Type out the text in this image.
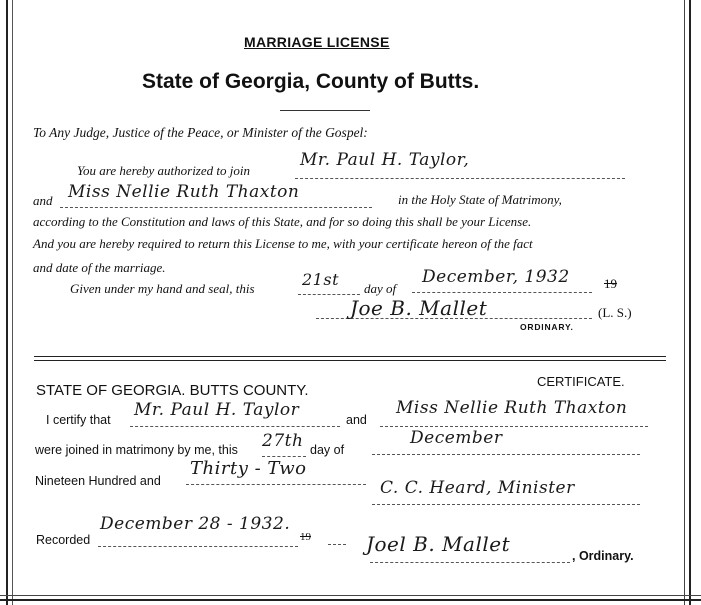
MARRIAGE LICENSE
State of Georgia, County of Butts.
To Any Judge, Justice of the Peace, or Minister of the Gospel:
You are hereby authorized to join
Mr. Paul H. Taylor,
and Miss Nellie Ruth Thaxton	in the Holy State of Matrimony,
according to the Constitution and laws of this State, and for so doing this shall be your License.
And you are hereby required to return this License to me, with your certificate hereon of the fact
and date of the marriage.
Given under my hand and seal, this	21st day of
December, 1932	19
Joe B. Mallet	(L. S.)
ORDINARY.
STATE OF GEORGIA. BUTTS COUNTY.
CERTIFICATE.
I certify that Mr. Paul H. Taylor	and
Miss Nellie Ruth Thaxton
were joined in matrimony by me, this 27th day of
December
Nineteen Hundred and
Thirty - Two
C. C. Heard, Minister
Recorded
December 28 - 1932.
19	Joel B. Mallet	, Ordinary.
